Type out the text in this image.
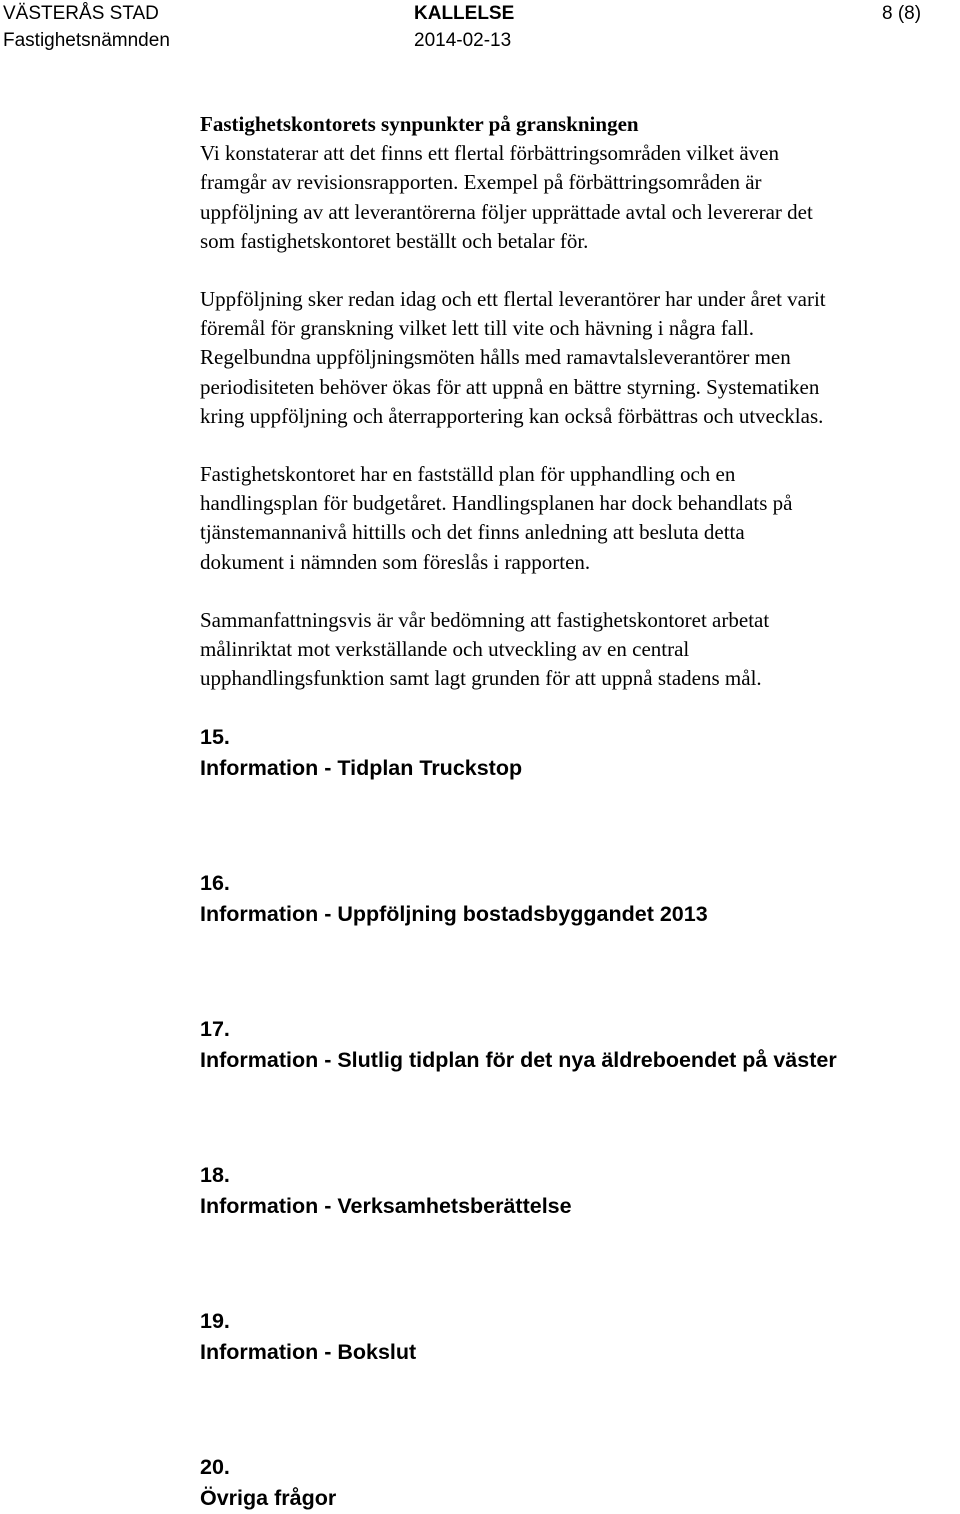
VÄSTERÅS STAD
Fastighetsnämnden
KALLELSE
2014-02-13
8 (8)
Fastighetskontorets synpunkter på granskningen
Vi konstaterar att det finns ett flertal förbättringsområden vilket även
framgår av revisionsrapporten. Exempel på förbättringsområden är
uppföljning av att leverantörerna följer upprättade avtal och levererar det
som fastighetskontoret beställt och betalar för.
Uppföljning sker redan idag och ett flertal leverantörer har under året varit
föremål för granskning vilket lett till vite och hävning i några fall.
Regelbundna uppföljningsmöten hålls med ramavtalsleverantörer men
periodisiteten behöver ökas för att uppnå en bättre styrning. Systematiken
kring uppföljning och återrapportering kan också förbättras och utvecklas.
Fastighetskontoret har en fastställd plan för upphandling och en
handlingsplan för budgetåret. Handlingsplanen har dock behandlats på
tjänstemannanivå hittills och det finns anledning att besluta detta
dokument i nämnden som föreslås i rapporten.
Sammanfattningsvis är vår bedömning att fastighetskontoret arbetat
målinriktat mot verkställande och utveckling av en central
upphandlingsfunktion samt lagt grunden för att uppnå stadens mål.
15.
Information - Tidplan Truckstop
16.
Information - Uppföljning bostadsbyggandet 2013
17.
Information - Slutlig tidplan för det nya äldreboendet på väster
18.
Information - Verksamhetsberättelse
19.
Information - Bokslut
20.
Övriga frågor
